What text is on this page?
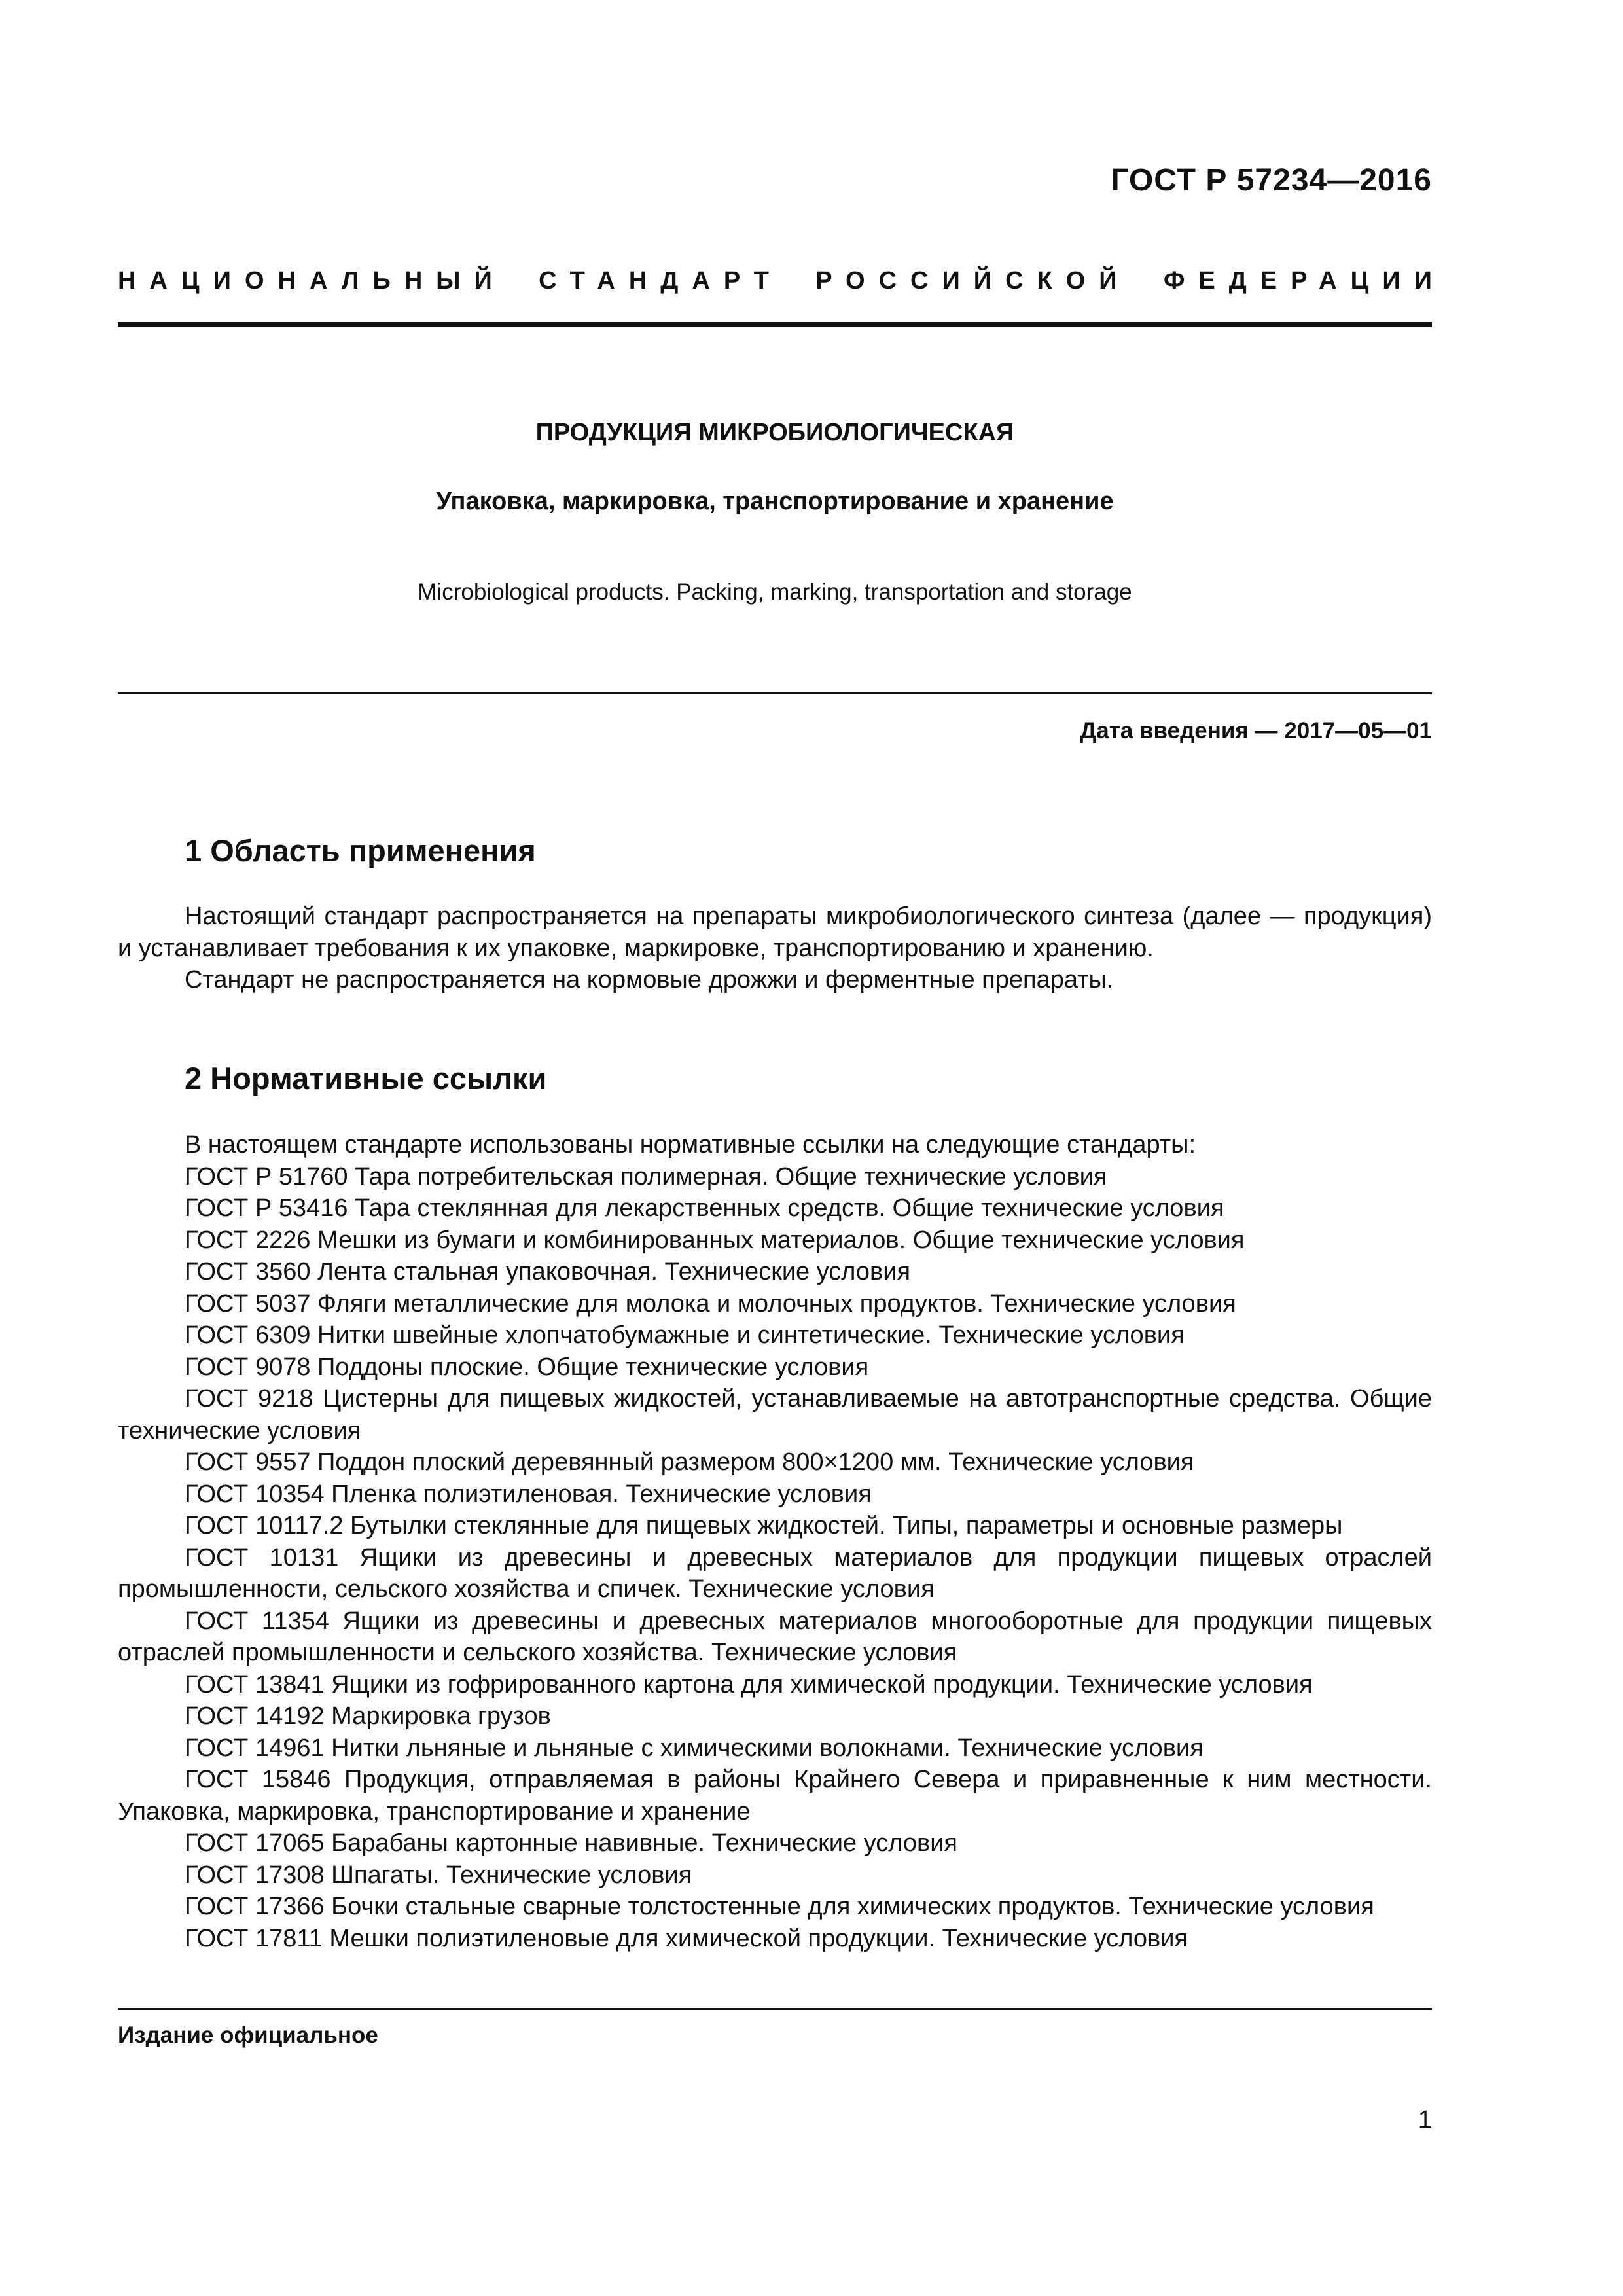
ГОСТ Р 57234—2016
НАЦИОНАЛЬНЫЙ СТАНДАРТ РОССИЙСКОЙ ФЕДЕРАЦИИ
ПРОДУКЦИЯ МИКРОБИОЛОГИЧЕСКАЯ
Упаковка, маркировка, транспортирование и хранение
Microbiological products. Packing, marking, transportation and storage
Дата введения — 2017—05—01
1 Область применения

Настоящий стандарт распространяется на препараты микробиологического синтеза (далее — продукция) и устанавливает требования к их упаковке, маркировке, транспортированию и хранению.

Стандарт не распространяется на кормовые дрожжи и ферментные препараты.

2 Нормативные ссылки

В настоящем стандарте использованы нормативные ссылки на следующие стандарты:

ГОСТ Р 51760 Тара потребительская полимерная. Общие технические условия

ГОСТ Р 53416 Тара стеклянная для лекарственных средств. Общие технические условия

ГОСТ 2226 Мешки из бумаги и комбинированных материалов. Общие технические условия

ГОСТ 3560 Лента стальная упаковочная. Технические условия

ГОСТ 5037 Фляги металлические для молока и молочных продуктов. Технические условия

ГОСТ 6309 Нитки швейные хлопчатобумажные и синтетические. Технические условия

ГОСТ 9078 Поддоны плоские. Общие технические условия

ГОСТ 9218 Цистерны для пищевых жидкостей, устанавливаемые на автотранспортные средства. Общие технические условия

ГОСТ 9557 Поддон плоский деревянный размером 800×1200 мм. Технические условия

ГОСТ 10354 Пленка полиэтиленовая. Технические условия

ГОСТ 10117.2 Бутылки стеклянные для пищевых жидкостей. Типы, параметры и основные размеры

ГОСТ 10131 Ящики из древесины и древесных материалов для продукции пищевых отраслей промышленности, сельского хозяйства и спичек. Технические условия

ГОСТ 11354 Ящики из древесины и древесных материалов многооборотные для продукции пищевых отраслей промышленности и сельского хозяйства. Технические условия

ГОСТ 13841 Ящики из гофрированного картона для химической продукции. Технические условия

ГОСТ 14192 Маркировка грузов

ГОСТ 14961 Нитки льняные и льняные с химическими волокнами. Технические условия

ГОСТ 15846 Продукция, отправляемая в районы Крайнего Севера и приравненные к ним местности. Упаковка, маркировка, транспортирование и хранение

ГОСТ 17065 Барабаны картонные навивные. Технические условия

ГОСТ 17308 Шпагаты. Технические условия

ГОСТ 17366 Бочки стальные сварные толстостенные для химических продуктов. Технические условия

ГОСТ 17811 Мешки полиэтиленовые для химической продукции. Технические условия

Издание официальное
1
